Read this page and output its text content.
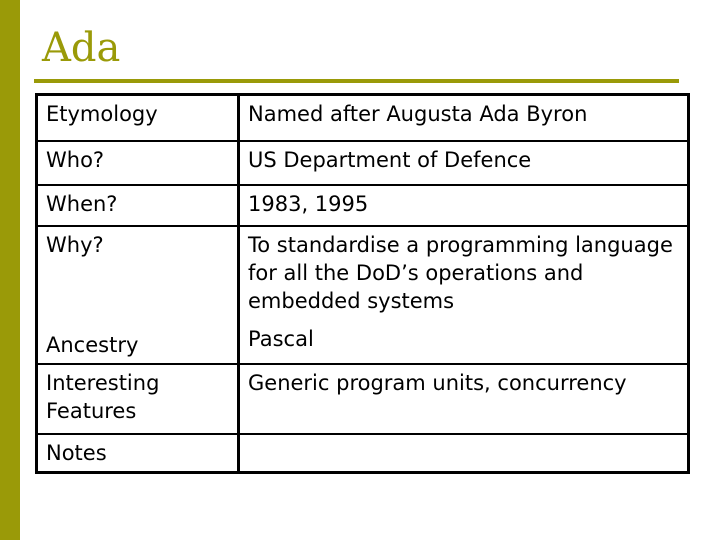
Ada
Etymology	Named after Augusta Ada Byron
Who?	US Department of Defence
When?	1983, 1995
Why?	To standardise a programming language for all the DoD’s operations and embedded systems
Ancestry	Pascal
Interesting Features	Generic program units, concurrency
Notes	
